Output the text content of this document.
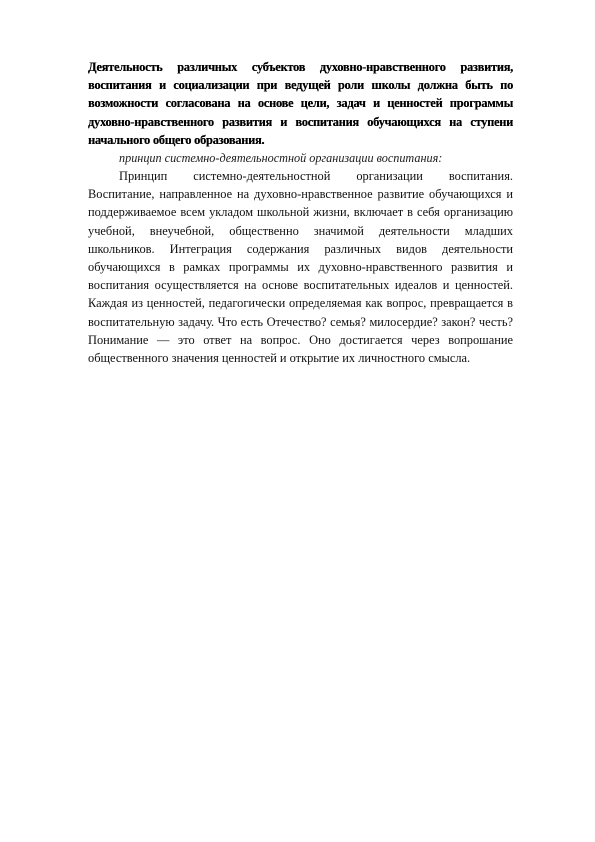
Деятельность различных субъектов духовно-нравственного развития, воспитания и социализации при ведущей роли школы должна быть по возможности согласована на основе цели, задач и ценностей программы духовно-нравственного развития и воспитания обучающихся на ступени начального общего образования.

принцип системно-деятельностной организации воспитания:

Принцип системно-деятельностной организации воспитания. Воспитание, направленное на духовно-нравственное развитие обучающихся и поддерживаемое всем укладом школьной жизни, включает в себя организацию учебной, внеучебной, общественно значимой деятельности младших школьников. Интеграция содержания различных видов деятельности обучающихся в рамках программы их духовно-нравственного развития и воспитания осуществляется на основе воспитательных идеалов и ценностей. Каждая из ценностей, педагогически определяемая как вопрос, превращается в воспитательную задачу. Что есть Отечество? семья? милосердие? закон? честь? Понимание — это ответ на вопрос. Оно достигается через вопрошание общественного значения ценностей и открытие их личностного смысла.
